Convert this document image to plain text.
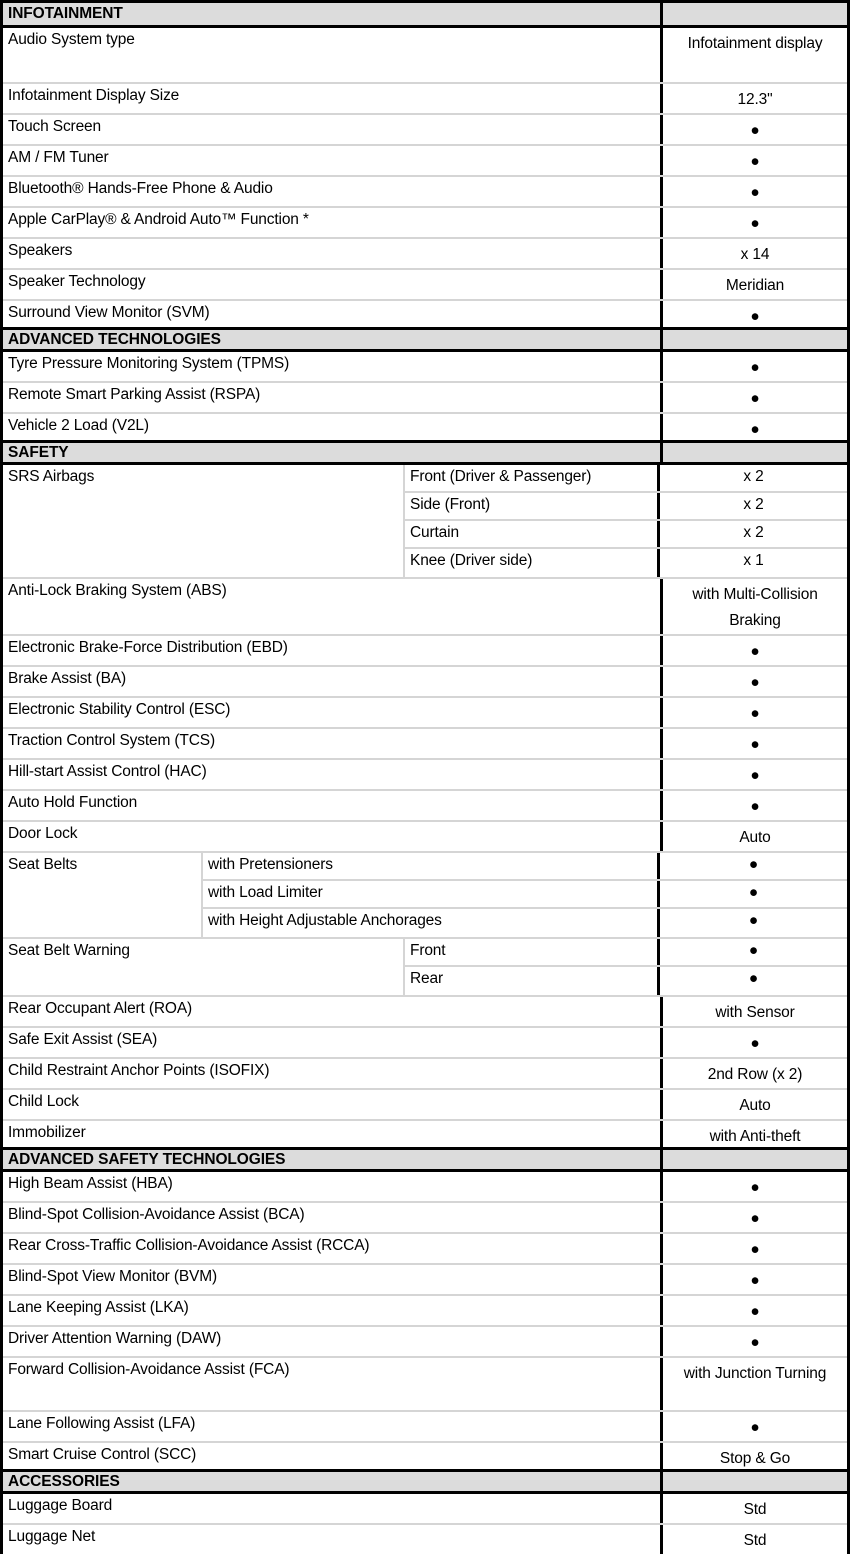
INFOTAINMENT
Audio System type	Infotainment display
Infotainment Display Size	12.3"
Touch Screen	●
AM / FM Tuner	●
Bluetooth® Hands-Free Phone & Audio	●
Apple CarPlay® & Android Auto™ Function *	●
Speakers	x 14
Speaker Technology	Meridian
Surround View Monitor (SVM)	●
ADVANCED TECHNOLOGIES
Tyre Pressure Monitoring System (TPMS)	●
Remote Smart Parking Assist (RSPA)	●
Vehicle 2 Load (V2L)	●
SAFETY
SRS Airbags	Front (Driver & Passenger)	x 2
Side (Front)	x 2
Curtain	x 2
Knee (Driver side)	x 1
Anti-Lock Braking System (ABS)	with Multi-Collision Braking
Electronic Brake-Force Distribution (EBD)	●
Brake Assist (BA)	●
Electronic Stability Control (ESC)	●
Traction Control System (TCS)	●
Hill-start Assist Control (HAC)	●
Auto Hold Function	●
Door Lock	Auto
Seat Belts	with Pretensioners	●
with Load Limiter	●
with Height Adjustable Anchorages	●
Seat Belt Warning	Front	●
Rear	●
Rear Occupant Alert (ROA)	with Sensor
Safe Exit Assist (SEA)	●
Child Restraint Anchor Points (ISOFIX)	2nd Row (x 2)
Child Lock	Auto
Immobilizer	with Anti-theft
ADVANCED SAFETY TECHNOLOGIES
High Beam Assist (HBA)	●
Blind-Spot Collision-Avoidance Assist (BCA)	●
Rear Cross-Traffic Collision-Avoidance Assist (RCCA)	●
Blind-Spot View Monitor (BVM)	●
Lane Keeping Assist (LKA)	●
Driver Attention Warning (DAW)	●
Forward Collision-Avoidance Assist (FCA)	with Junction Turning
Lane Following Assist (LFA)	●
Smart Cruise Control (SCC)	Stop & Go
ACCESSORIES
Luggage Board	Std
Luggage Net	Std
